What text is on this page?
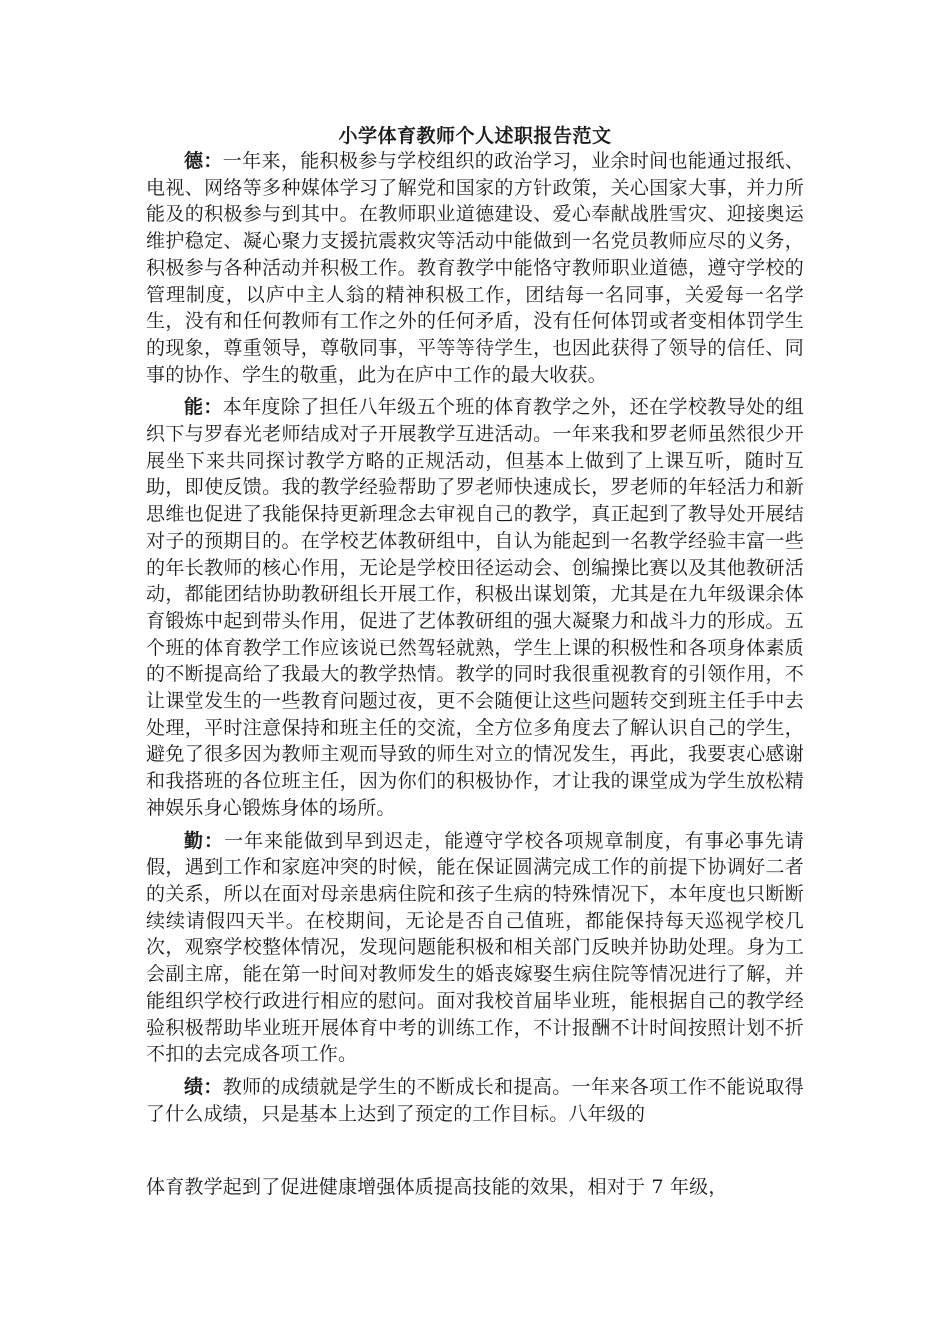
小学体育教师个人述职报告范文

德：一年来，能积极参与学校组织的政治学习，业余时间也能通过报纸、电视、网络等多种媒体学习了解党和国家的方针政策，关心国家大事，并力所能及的积极参与到其中。在教师职业道德建设、爱心奉献战胜雪灾、迎接奥运维护稳定、凝心聚力支援抗震救灾等活动中能做到一名党员教师应尽的义务，积极参与各种活动并积极工作。教育教学中能恪守教师职业道德，遵守学校的管理制度，以庐中主人翁的精神积极工作，团结每一名同事，关爱每一名学生，没有和任何教师有工作之外的任何矛盾，没有任何体罚或者变相体罚学生的现象，尊重领导，尊敬同事，平等等待学生，也因此获得了领导的信任、同事的协作、学生的敬重，此为在庐中工作的最大收获。

能：本年度除了担任八年级五个班的体育教学之外，还在学校教导处的组织下与罗春光老师结成对子开展教学互进活动。一年来我和罗老师虽然很少开展坐下来共同探讨教学方略的正规活动，但基本上做到了上课互听，随时互助，即使反馈。我的教学经验帮助了罗老师快速成长，罗老师的年轻活力和新思维也促进了我能保持更新理念去审视自己的教学，真正起到了教导处开展结对子的预期目的。在学校艺体教研组中，自认为能起到一名教学经验丰富一些的年长教师的核心作用，无论是学校田径运动会、创编操比赛以及其他教研活动，都能团结协助教研组长开展工作，积极出谋划策，尤其是在九年级课余体育锻炼中起到带头作用，促进了艺体教研组的强大凝聚力和战斗力的形成。五个班的体育教学工作应该说已然驾轻就熟，学生上课的积极性和各项身体素质的不断提高给了我最大的教学热情。教学的同时我很重视教育的引领作用，不让课堂发生的一些教育问题过夜，更不会随便让这些问题转交到班主任手中去处理，平时注意保持和班主任的交流，全方位多角度去了解认识自己的学生，避免了很多因为教师主观而导致的师生对立的情况发生，再此，我要衷心感谢和我搭班的各位班主任，因为你们的积极协作，才让我的课堂成为学生放松精神娱乐身心锻炼身体的场所。

勤：一年来能做到早到迟走，能遵守学校各项规章制度，有事必事先请假，遇到工作和家庭冲突的时候，能在保证圆满完成工作的前提下协调好二者的关系，所以在面对母亲患病住院和孩子生病的特殊情况下，本年度也只断断续续请假四天半。在校期间，无论是否自己值班，都能保持每天巡视学校几次，观察学校整体情况，发现问题能积极和相关部门反映并协助处理。身为工会副主席，能在第一时间对教师发生的婚丧嫁娶生病住院等情况进行了解，并能组织学校行政进行相应的慰问。面对我校首届毕业班，能根据自己的教学经验积极帮助毕业班开展体育中考的训练工作，不计报酬不计时间按照计划不折不扣的去完成各项工作。

绩：教师的成绩就是学生的不断成长和提高。一年来各项工作不能说取得了什么成绩，只是基本上达到了预定的工作目标。八年级的

体育教学起到了促进健康增强体质提高技能的效果，相对于 7 年级，
